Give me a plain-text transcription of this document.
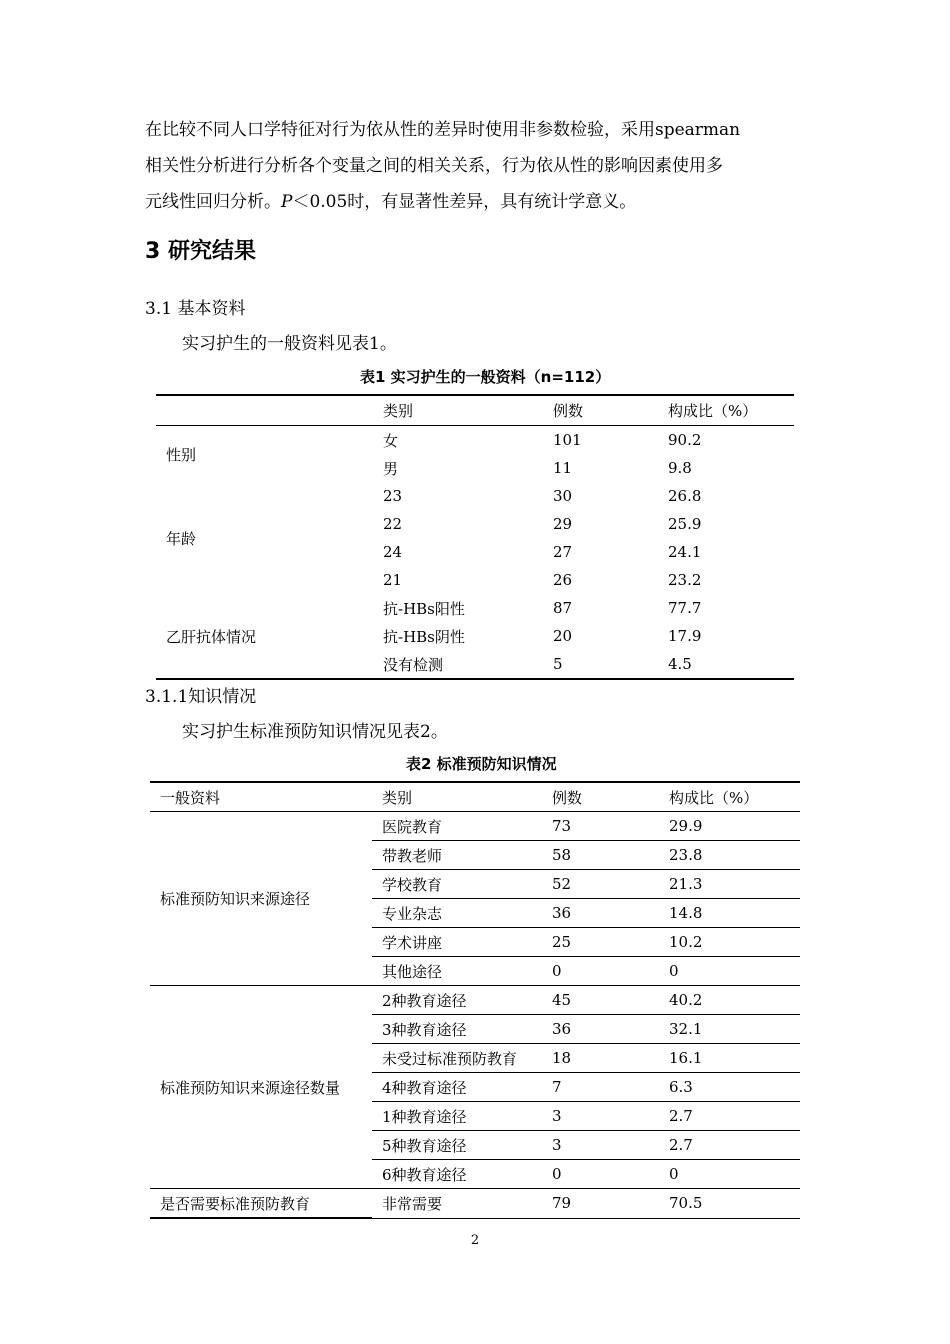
在比较不同人口学特征对行为依从性的差异时使用非参数检验，采用spearman

相关性分析进行分析各个变量之间的相关关系，行为依从性的影响因素使用多

元线性回归分析。P＜0.05时，有显著性差异，具有统计学意义。

3 研究结果

3.1 基本资料

实习护生的一般资料见表1。

表1 实习护生的一般资料（n=112）

	类别	例数	构成比（%）
性别	女	101	90.2
	男	11	9.8
年龄	23	30	26.8
	22	29	25.9
	24	27	24.1
	21	26	23.2
乙肝抗体情况	抗-HBs阳性	87	77.7
	抗-HBs阴性	20	17.9
	没有检测	5	4.5

3.1.1知识情况

实习护生标准预防知识情况见表2。

表2 标准预防知识情况

一般资料	类别	例数	构成比（%）
标准预防知识来源途径	医院教育	73	29.9
	带教老师	58	23.8
	学校教育	52	21.3
	专业杂志	36	14.8
	学术讲座	25	10.2
	其他途径	0	0
标准预防知识来源途径数量	2种教育途径	45	40.2
	3种教育途径	36	32.1
	未受过标准预防教育	18	16.1
	4种教育途径	7	6.3
	1种教育途径	3	2.7
	5种教育途径	3	2.7
	6种教育途径	0	0
是否需要标准预防教育	非常需要	79	70.5
2
